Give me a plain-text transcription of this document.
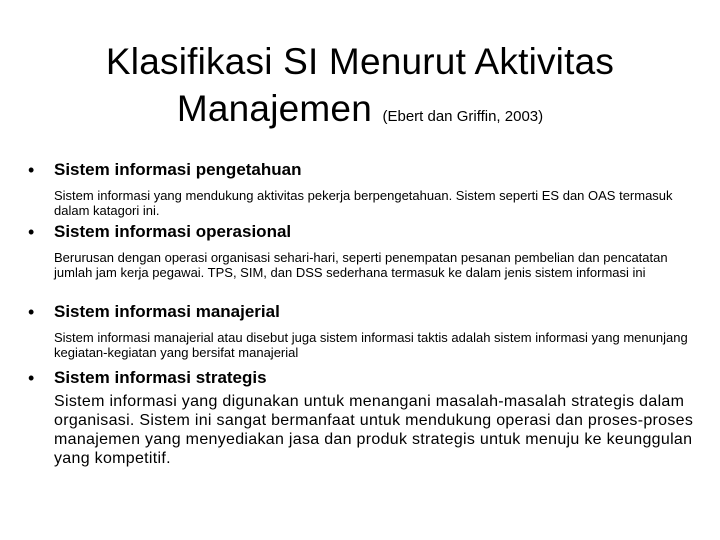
Klasifikasi SI Menurut Aktivitas
Manajemen (Ebert dan Griffin, 2003)
• Sistem informasi pengetahuan
Sistem informasi yang mendukung aktivitas pekerja berpengetahuan. Sistem seperti ES dan OAS termasuk dalam katagori ini.
• Sistem informasi operasional
Berurusan dengan operasi organisasi sehari-hari, seperti penempatan pesanan pembelian dan pencatatan jumlah jam kerja pegawai. TPS, SIM, dan DSS sederhana termasuk ke dalam jenis sistem informasi ini
• Sistem informasi manajerial
Sistem informasi manajerial atau disebut juga sistem informasi taktis adalah sistem informasi yang menunjang kegiatan-kegiatan yang bersifat manajerial
• Sistem informasi strategis
Sistem informasi yang digunakan untuk menangani masalah-masalah strategis dalam organisasi. Sistem ini sangat bermanfaat untuk mendukung operasi dan proses-proses manajemen yang menyediakan jasa dan produk strategis untuk menuju ke keunggulan yang kompetitif.
